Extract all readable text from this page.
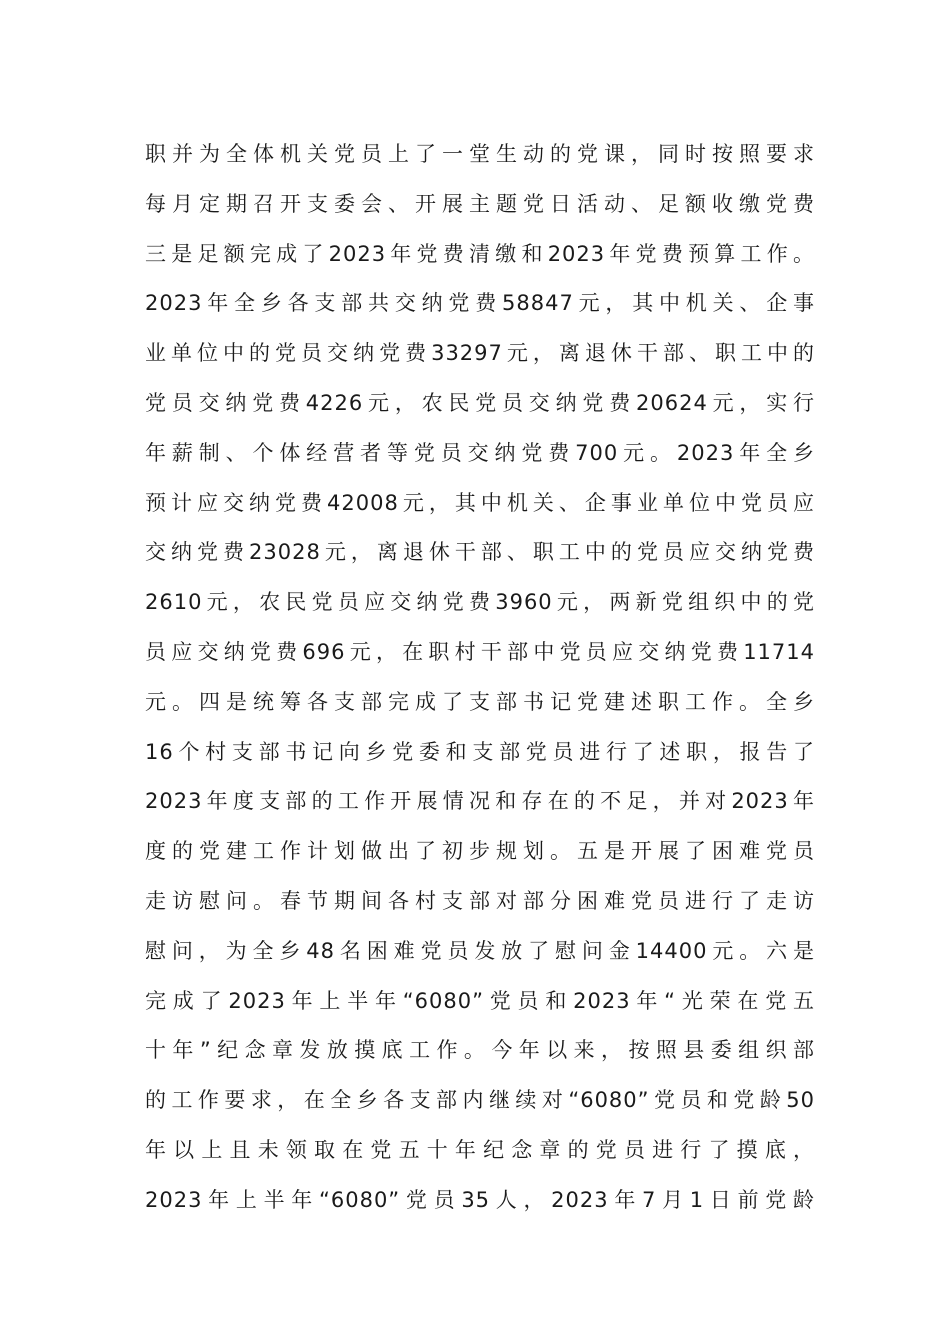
职并为全体机关党员上了一堂生动的党课，同时按照要求
每月定期召开支委会、开展主题党日活动、足额收缴党费
三是足额完成了2023年党费清缴和2023年党费预算工作。
2023年全乡各支部共交纳党费58847元，其中机关、企事
业单位中的党员交纳党费33297元，离退休干部、职工中的
党员交纳党费4226元，农民党员交纳党费20624元，实行
年薪制、个体经营者等党员交纳党费700元。2023年全乡
预计应交纳党费42008元，其中机关、企事业单位中党员应
交纳党费23028元，离退休干部、职工中的党员应交纳党费
2610元，农民党员应交纳党费3960元，两新党组织中的党
员应交纳党费696元，在职村干部中党员应交纳党费11714
元。四是统筹各支部完成了支部书记党建述职工作。全乡
16个村支部书记向乡党委和支部党员进行了述职，报告了
2023年度支部的工作开展情况和存在的不足，并对2023年
度的党建工作计划做出了初步规划。五是开展了困难党员
走访慰问。春节期间各村支部对部分困难党员进行了走访
慰问，为全乡48名困难党员发放了慰问金14400元。六是
完成了2023年上半年“6080”党员和2023年“光荣在党五
十年”纪念章发放摸底工作。今年以来，按照县委组织部
的工作要求，在全乡各支部内继续对“6080”党员和党龄50
年以上且未领取在党五十年纪念章的党员进行了摸底，
2023年上半年“6080”党员35人，2023年7月1日前党龄
